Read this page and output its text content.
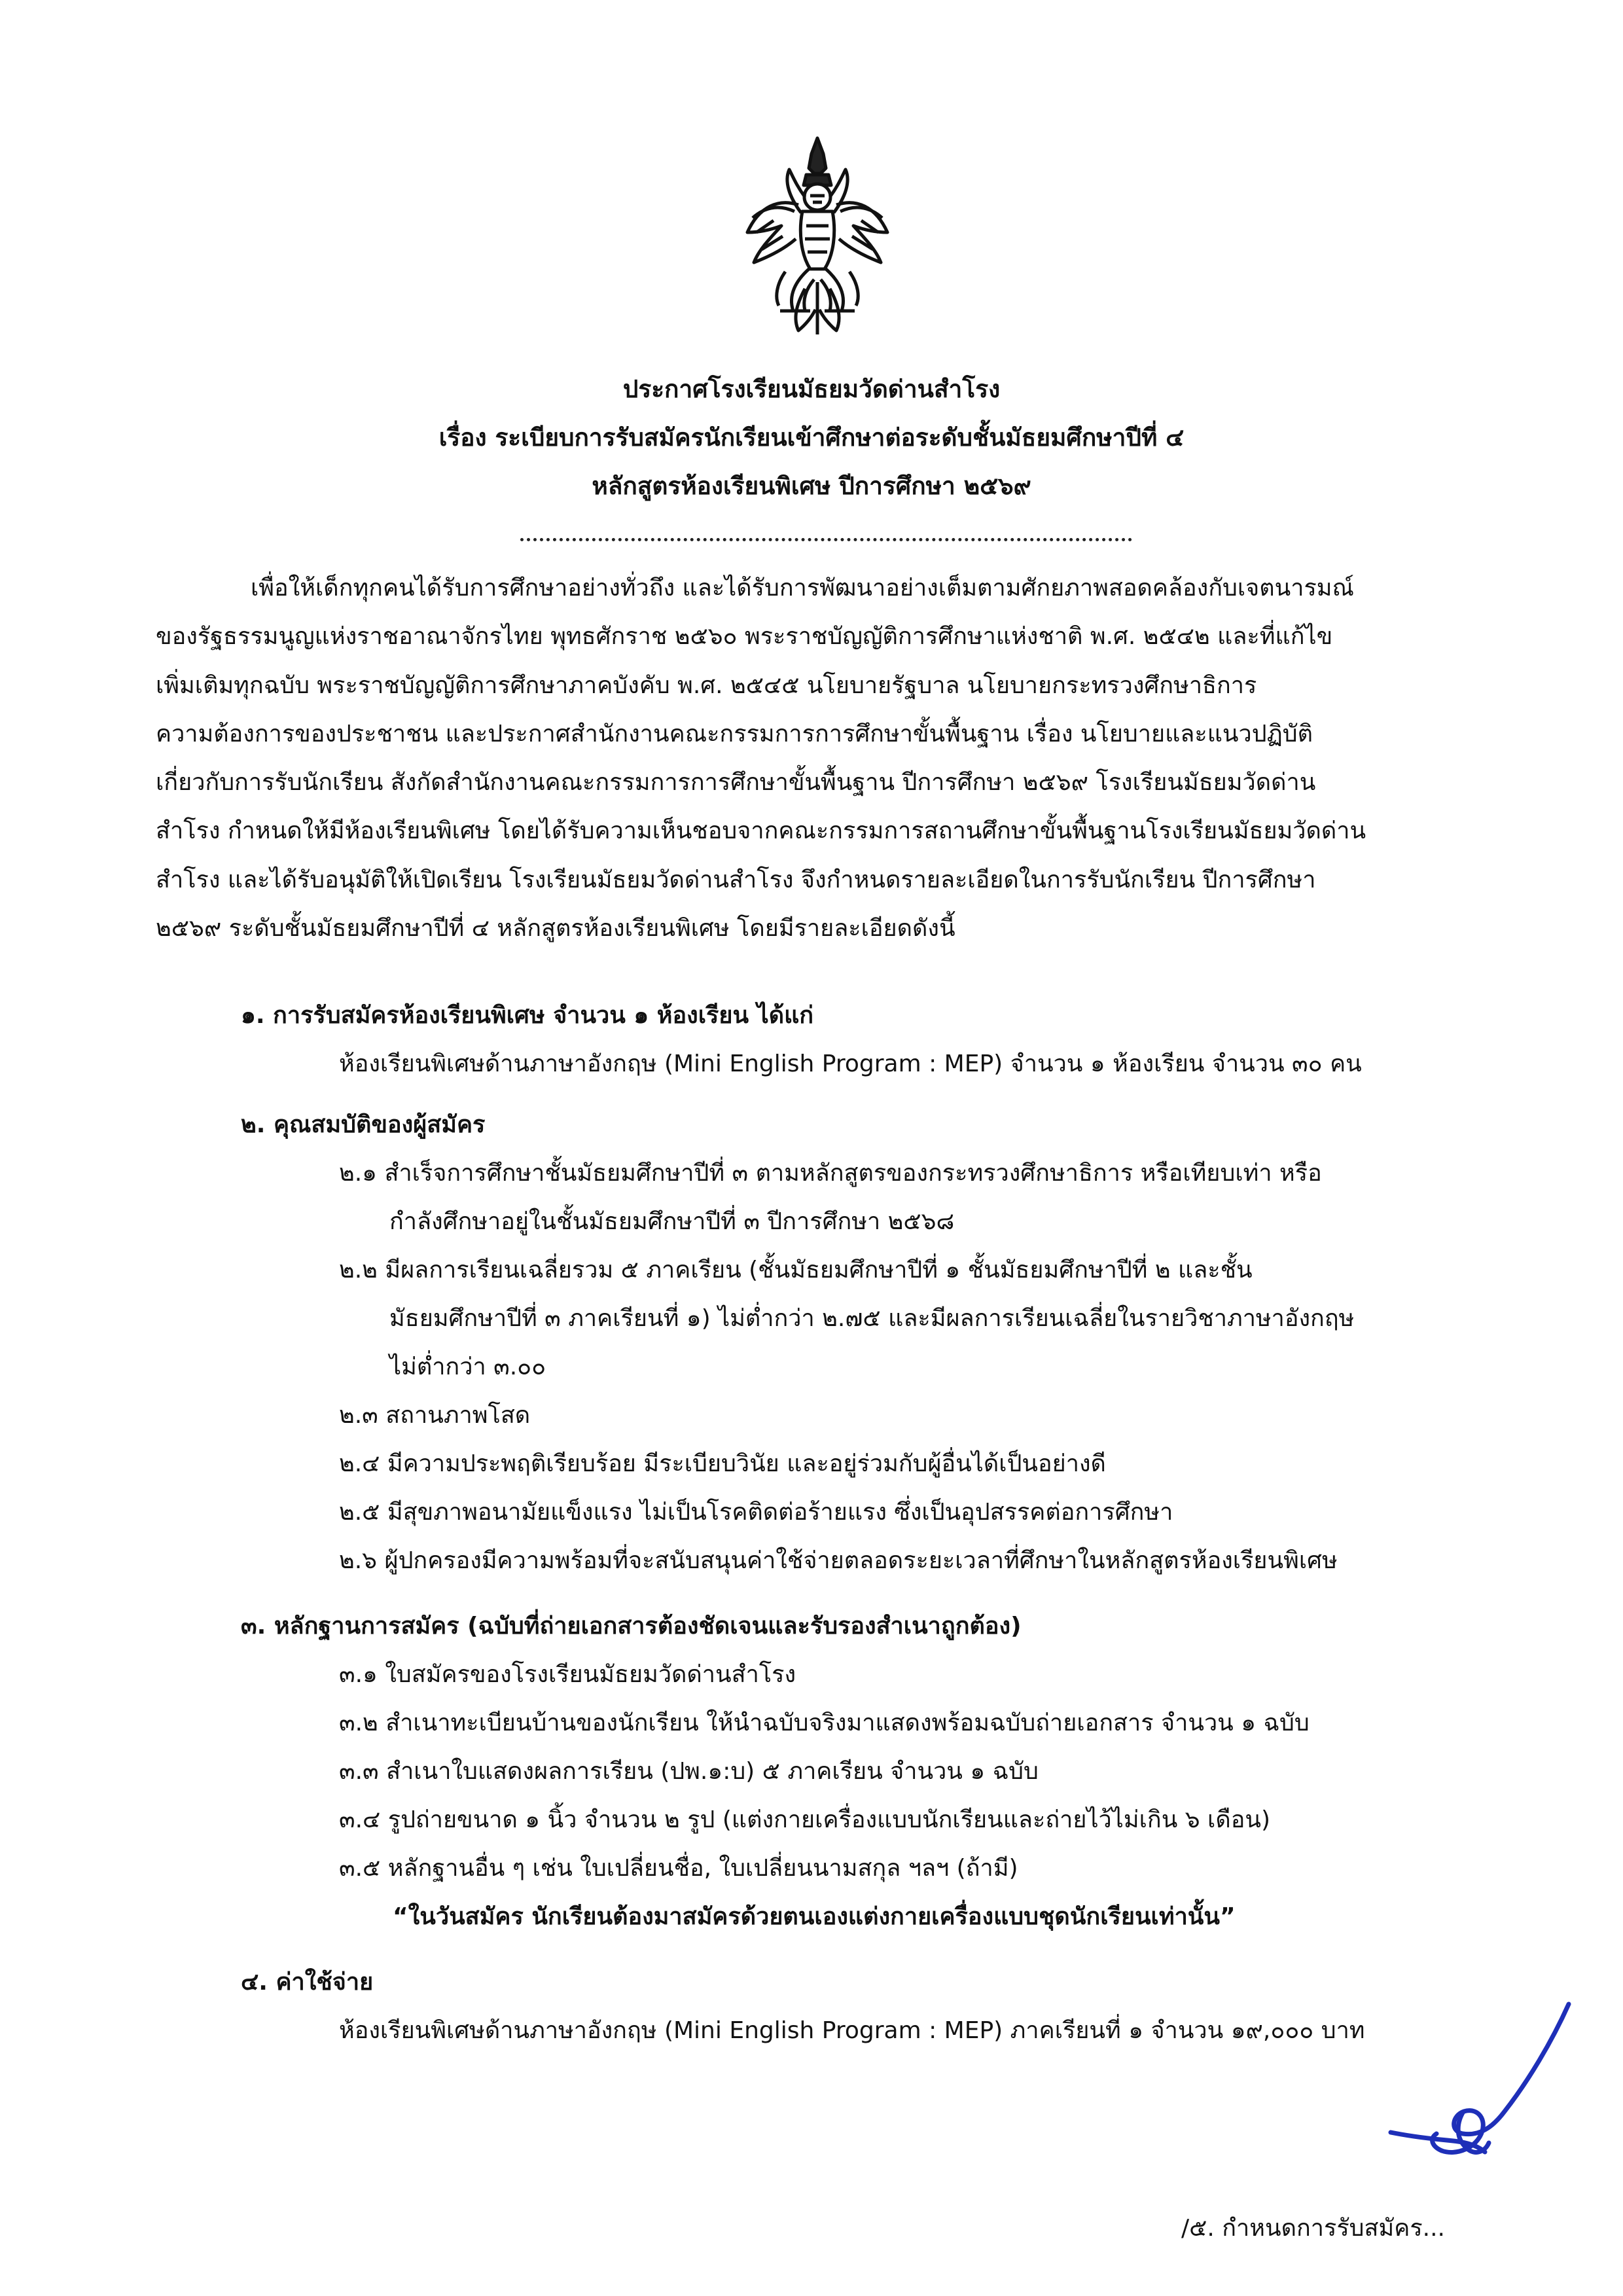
ประกาศโรงเรียนมัธยมวัดด่านสำโรง
เรื่อง ระเบียบการรับสมัครนักเรียนเข้าศึกษาต่อระดับชั้นมัธยมศึกษาปีที่ ๔
หลักสูตรห้องเรียนพิเศษ ปีการศึกษา ๒๕๖๙
เพื่อให้เด็กทุกคนได้รับการศึกษาอย่างทั่วถึง และได้รับการพัฒนาอย่างเต็มตามศักยภาพสอดคล้องกับเจตนารมณ์
ของรัฐธรรมนูญแห่งราชอาณาจักรไทย พุทธศักราช ๒๕๖๐ พระราชบัญญัติการศึกษาแห่งชาติ พ.ศ. ๒๕๔๒ และที่แก้ไข
เพิ่มเติมทุกฉบับ พระราชบัญญัติการศึกษาภาคบังคับ พ.ศ. ๒๕๔๕ นโยบายรัฐบาล นโยบายกระทรวงศึกษาธิการ
ความต้องการของประชาชน และประกาศสำนักงานคณะกรรมการการศึกษาขั้นพื้นฐาน เรื่อง นโยบายและแนวปฏิบัติ
เกี่ยวกับการรับนักเรียน สังกัดสำนักงานคณะกรรมการการศึกษาขั้นพื้นฐาน ปีการศึกษา ๒๕๖๙ โรงเรียนมัธยมวัดด่าน
สำโรง กำหนดให้มีห้องเรียนพิเศษ โดยได้รับความเห็นชอบจากคณะกรรมการสถานศึกษาขั้นพื้นฐานโรงเรียนมัธยมวัดด่าน
สำโรง และได้รับอนุมัติให้เปิดเรียน โรงเรียนมัธยมวัดด่านสำโรง จึงกำหนดรายละเอียดในการรับนักเรียน ปีการศึกษา
๒๕๖๙ ระดับชั้นมัธยมศึกษาปีที่ ๔ หลักสูตรห้องเรียนพิเศษ โดยมีรายละเอียดดังนี้
๑. การรับสมัครห้องเรียนพิเศษ จำนวน ๑ ห้องเรียน ได้แก่
ห้องเรียนพิเศษด้านภาษาอังกฤษ (Mini English Program : MEP) จำนวน ๑ ห้องเรียน จำนวน ๓๐ คน
๒. คุณสมบัติของผู้สมัคร
๒.๑ สำเร็จการศึกษาชั้นมัธยมศึกษาปีที่ ๓ ตามหลักสูตรของกระทรวงศึกษาธิการ หรือเทียบเท่า หรือ
กำลังศึกษาอยู่ในชั้นมัธยมศึกษาปีที่ ๓ ปีการศึกษา ๒๕๖๘
๒.๒ มีผลการเรียนเฉลี่ยรวม ๕ ภาคเรียน (ชั้นมัธยมศึกษาปีที่ ๑ ชั้นมัธยมศึกษาปีที่ ๒ และชั้น
มัธยมศึกษาปีที่ ๓ ภาคเรียนที่ ๑) ไม่ต่ำกว่า ๒.๗๕ และมีผลการเรียนเฉลี่ยในรายวิชาภาษาอังกฤษ
ไม่ต่ำกว่า ๓.๐๐
๒.๓ สถานภาพโสด
๒.๔ มีความประพฤติเรียบร้อย มีระเบียบวินัย และอยู่ร่วมกับผู้อื่นได้เป็นอย่างดี
๒.๕ มีสุขภาพอนามัยแข็งแรง ไม่เป็นโรคติดต่อร้ายแรง ซึ่งเป็นอุปสรรคต่อการศึกษา
๒.๖ ผู้ปกครองมีความพร้อมที่จะสนับสนุนค่าใช้จ่ายตลอดระยะเวลาที่ศึกษาในหลักสูตรห้องเรียนพิเศษ
๓. หลักฐานการสมัคร (ฉบับที่ถ่ายเอกสารต้องชัดเจนและรับรองสำเนาถูกต้อง)
๓.๑ ใบสมัครของโรงเรียนมัธยมวัดด่านสำโรง
๓.๒ สำเนาทะเบียนบ้านของนักเรียน ให้นำฉบับจริงมาแสดงพร้อมฉบับถ่ายเอกสาร จำนวน ๑ ฉบับ
๓.๓ สำเนาใบแสดงผลการเรียน (ปพ.๑:บ) ๕ ภาคเรียน จำนวน ๑ ฉบับ
๓.๔ รูปถ่ายขนาด ๑ นิ้ว จำนวน ๒ รูป (แต่งกายเครื่องแบบนักเรียนและถ่ายไว้ไม่เกิน ๖ เดือน)
๓.๕ หลักฐานอื่น ๆ เช่น ใบเปลี่ยนชื่อ, ใบเปลี่ยนนามสกุล ฯลฯ (ถ้ามี)
“ในวันสมัคร นักเรียนต้องมาสมัครด้วยตนเองแต่งกายเครื่องแบบชุดนักเรียนเท่านั้น”
๔. ค่าใช้จ่าย
ห้องเรียนพิเศษด้านภาษาอังกฤษ (Mini English Program : MEP) ภาคเรียนที่ ๑ จำนวน ๑๙,๐๐๐ บาท
/๕. กำหนดการรับสมัคร...
